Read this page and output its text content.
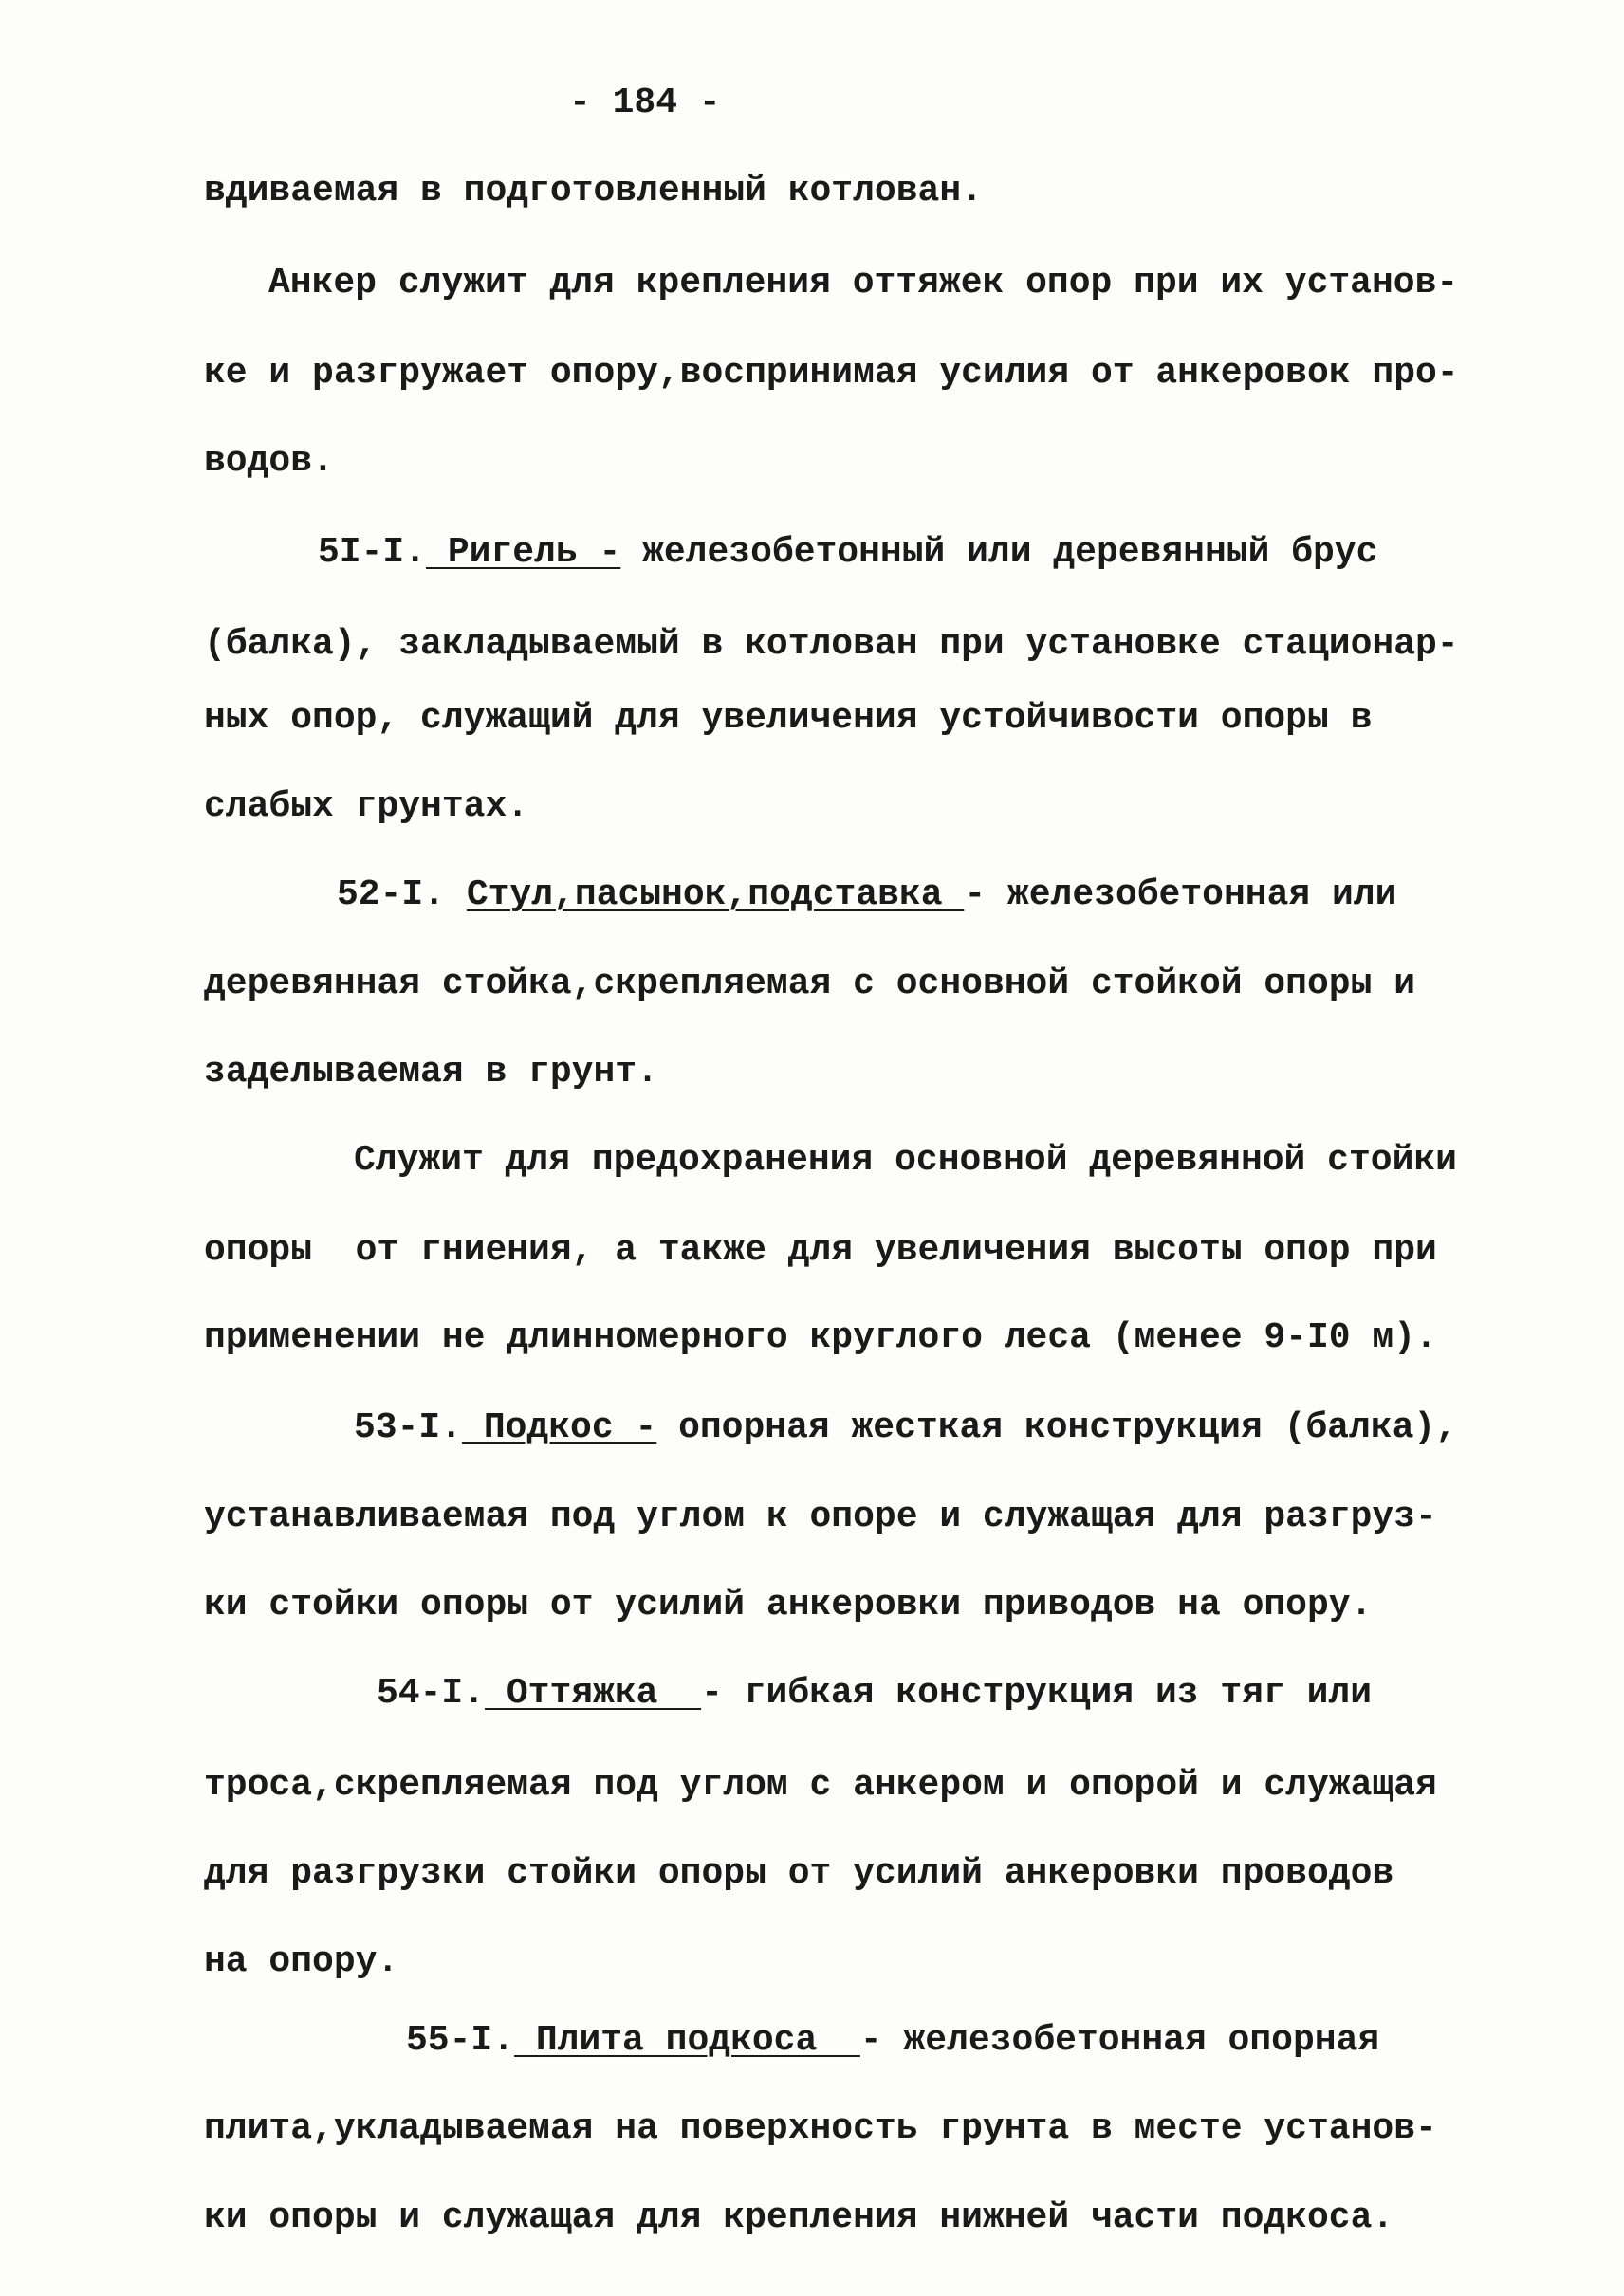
- 184 -
вдиваемая в подготовленный котлован.
Анкер служит для крепления оттяжек опор при их установ-
ке и разгружает опору,воспринимая усилия от анкеровок про-
водов.
5I-I. Ригель - железобетонный или деревянный брус
(балка), закладываемый в котлован при установке стационар-
ных опор, служащий для увеличения устойчивости опоры в
слабых грунтах.
52-I. Стул,пасынок,подставка - железобетонная или
деревянная стойка,скрепляемая с основной стойкой опоры и
заделываемая в грунт.
Служит для предохранения основной деревянной стойки
опоры  от гниения, а также для увеличения высоты опор при
применении не длинномерного круглого леса (менее 9-I0 м).
53-I. Подкос - опорная жесткая конструкция (балка),
устанавливаемая под углом к опоре и служащая для разгруз-
ки стойки опоры от усилий анкеровки приводов на опору.
54-I. Оттяжка  - гибкая конструкция из тяг или
троса,скрепляемая под углом с анкером и опорой и служащая
для разгрузки стойки опоры от усилий анкеровки проводов
на опору.
55-I. Плита подкоса  - железобетонная опорная
плита,укладываемая на поверхность грунта в месте установ-
ки опоры и служащая для крепления нижней части подкоса.
